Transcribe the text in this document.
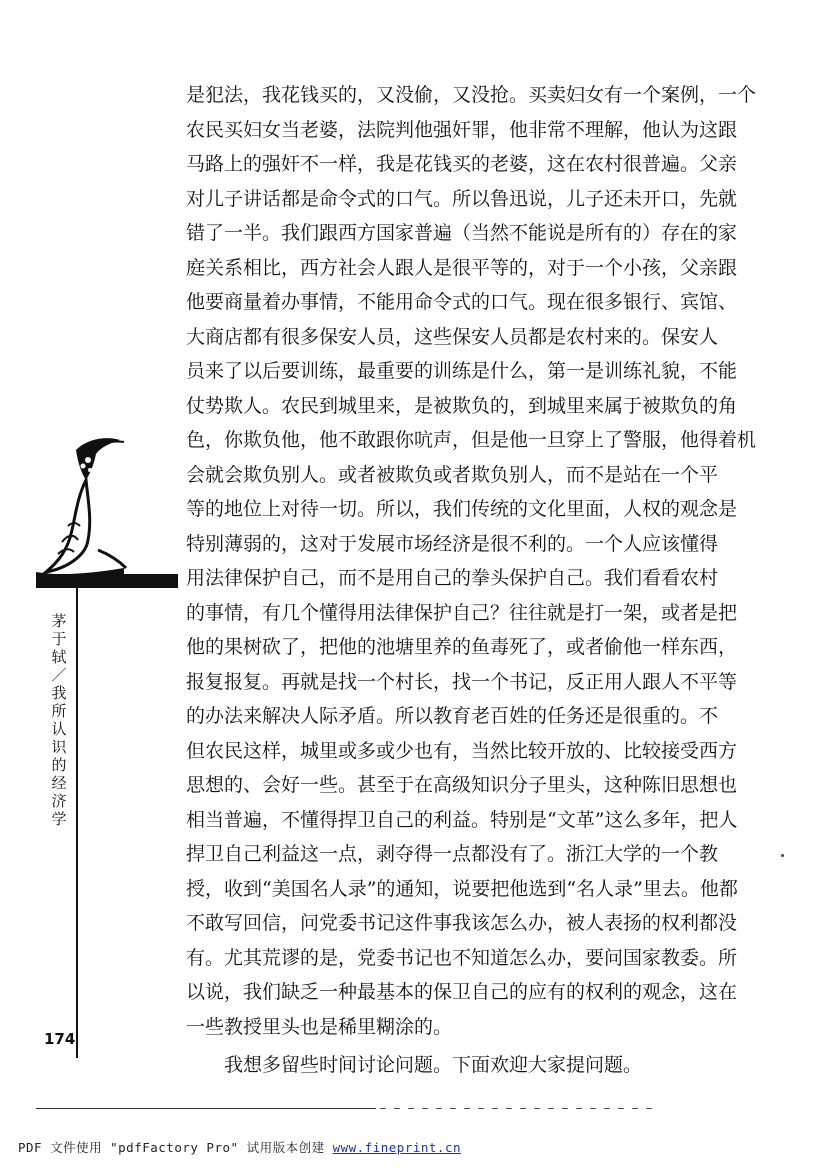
是犯法，我花钱买的，又没偷，又没抢。买卖妇女有一个案例，一个

农民买妇女当老婆，法院判他强奸罪，他非常不理解，他认为这跟

马路上的强奸不一样，我是花钱买的老婆，这在农村很普遍。父亲

对儿子讲话都是命令式的口气。所以鲁迅说，儿子还未开口，先就

错了一半。我们跟西方国家普遍（当然不能说是所有的）存在的家

庭关系相比，西方社会人跟人是很平等的，对于一个小孩，父亲跟

他要商量着办事情，不能用命令式的口气。现在很多银行、宾馆、

大商店都有很多保安人员，这些保安人员都是农村来的。保安人

员来了以后要训练，最重要的训练是什么，第一是训练礼貌，不能

仗势欺人。农民到城里来，是被欺负的，到城里来属于被欺负的角

色，你欺负他，他不敢跟你吭声，但是他一旦穿上了警服，他得着机

会就会欺负别人。或者被欺负或者欺负别人，而不是站在一个平

等的地位上对待一切。所以，我们传统的文化里面，人权的观念是

特别薄弱的，这对于发展市场经济是很不利的。一个人应该懂得

用法律保护自己，而不是用自己的拳头保护自己。我们看看农村

的事情，有几个懂得用法律保护自己？往往就是打一架，或者是把

他的果树砍了，把他的池塘里养的鱼毒死了，或者偷他一样东西，

报复报复。再就是找一个村长，找一个书记，反正用人跟人不平等

的办法来解决人际矛盾。所以教育老百姓的任务还是很重的。不

但农民这样，城里或多或少也有，当然比较开放的、比较接受西方

思想的、会好一些。甚至于在高级知识分子里头，这种陈旧思想也

相当普遍，不懂得捍卫自己的利益。特别是“文革”这么多年，把人

捍卫自己利益这一点，剥夺得一点都没有了。浙江大学的一个教

授，收到“美国名人录”的通知，说要把他选到“名人录”里去。他都

不敢写回信，问党委书记这件事我该怎么办，被人表扬的权利都没

有。尤其荒谬的是，党委书记也不知道怎么办，要问国家教委。所

以说，我们缺乏一种最基本的保卫自己的应有的权利的观念，这在

一些教授里头也是稀里糊涂的。

我想多留些时间讨论问题。下面欢迎大家提问题。

茅于轼／我所认识的经济学
174
PDF 文件使用 "pdfFactory Pro" 试用版本创建 www.fineprint.cn
